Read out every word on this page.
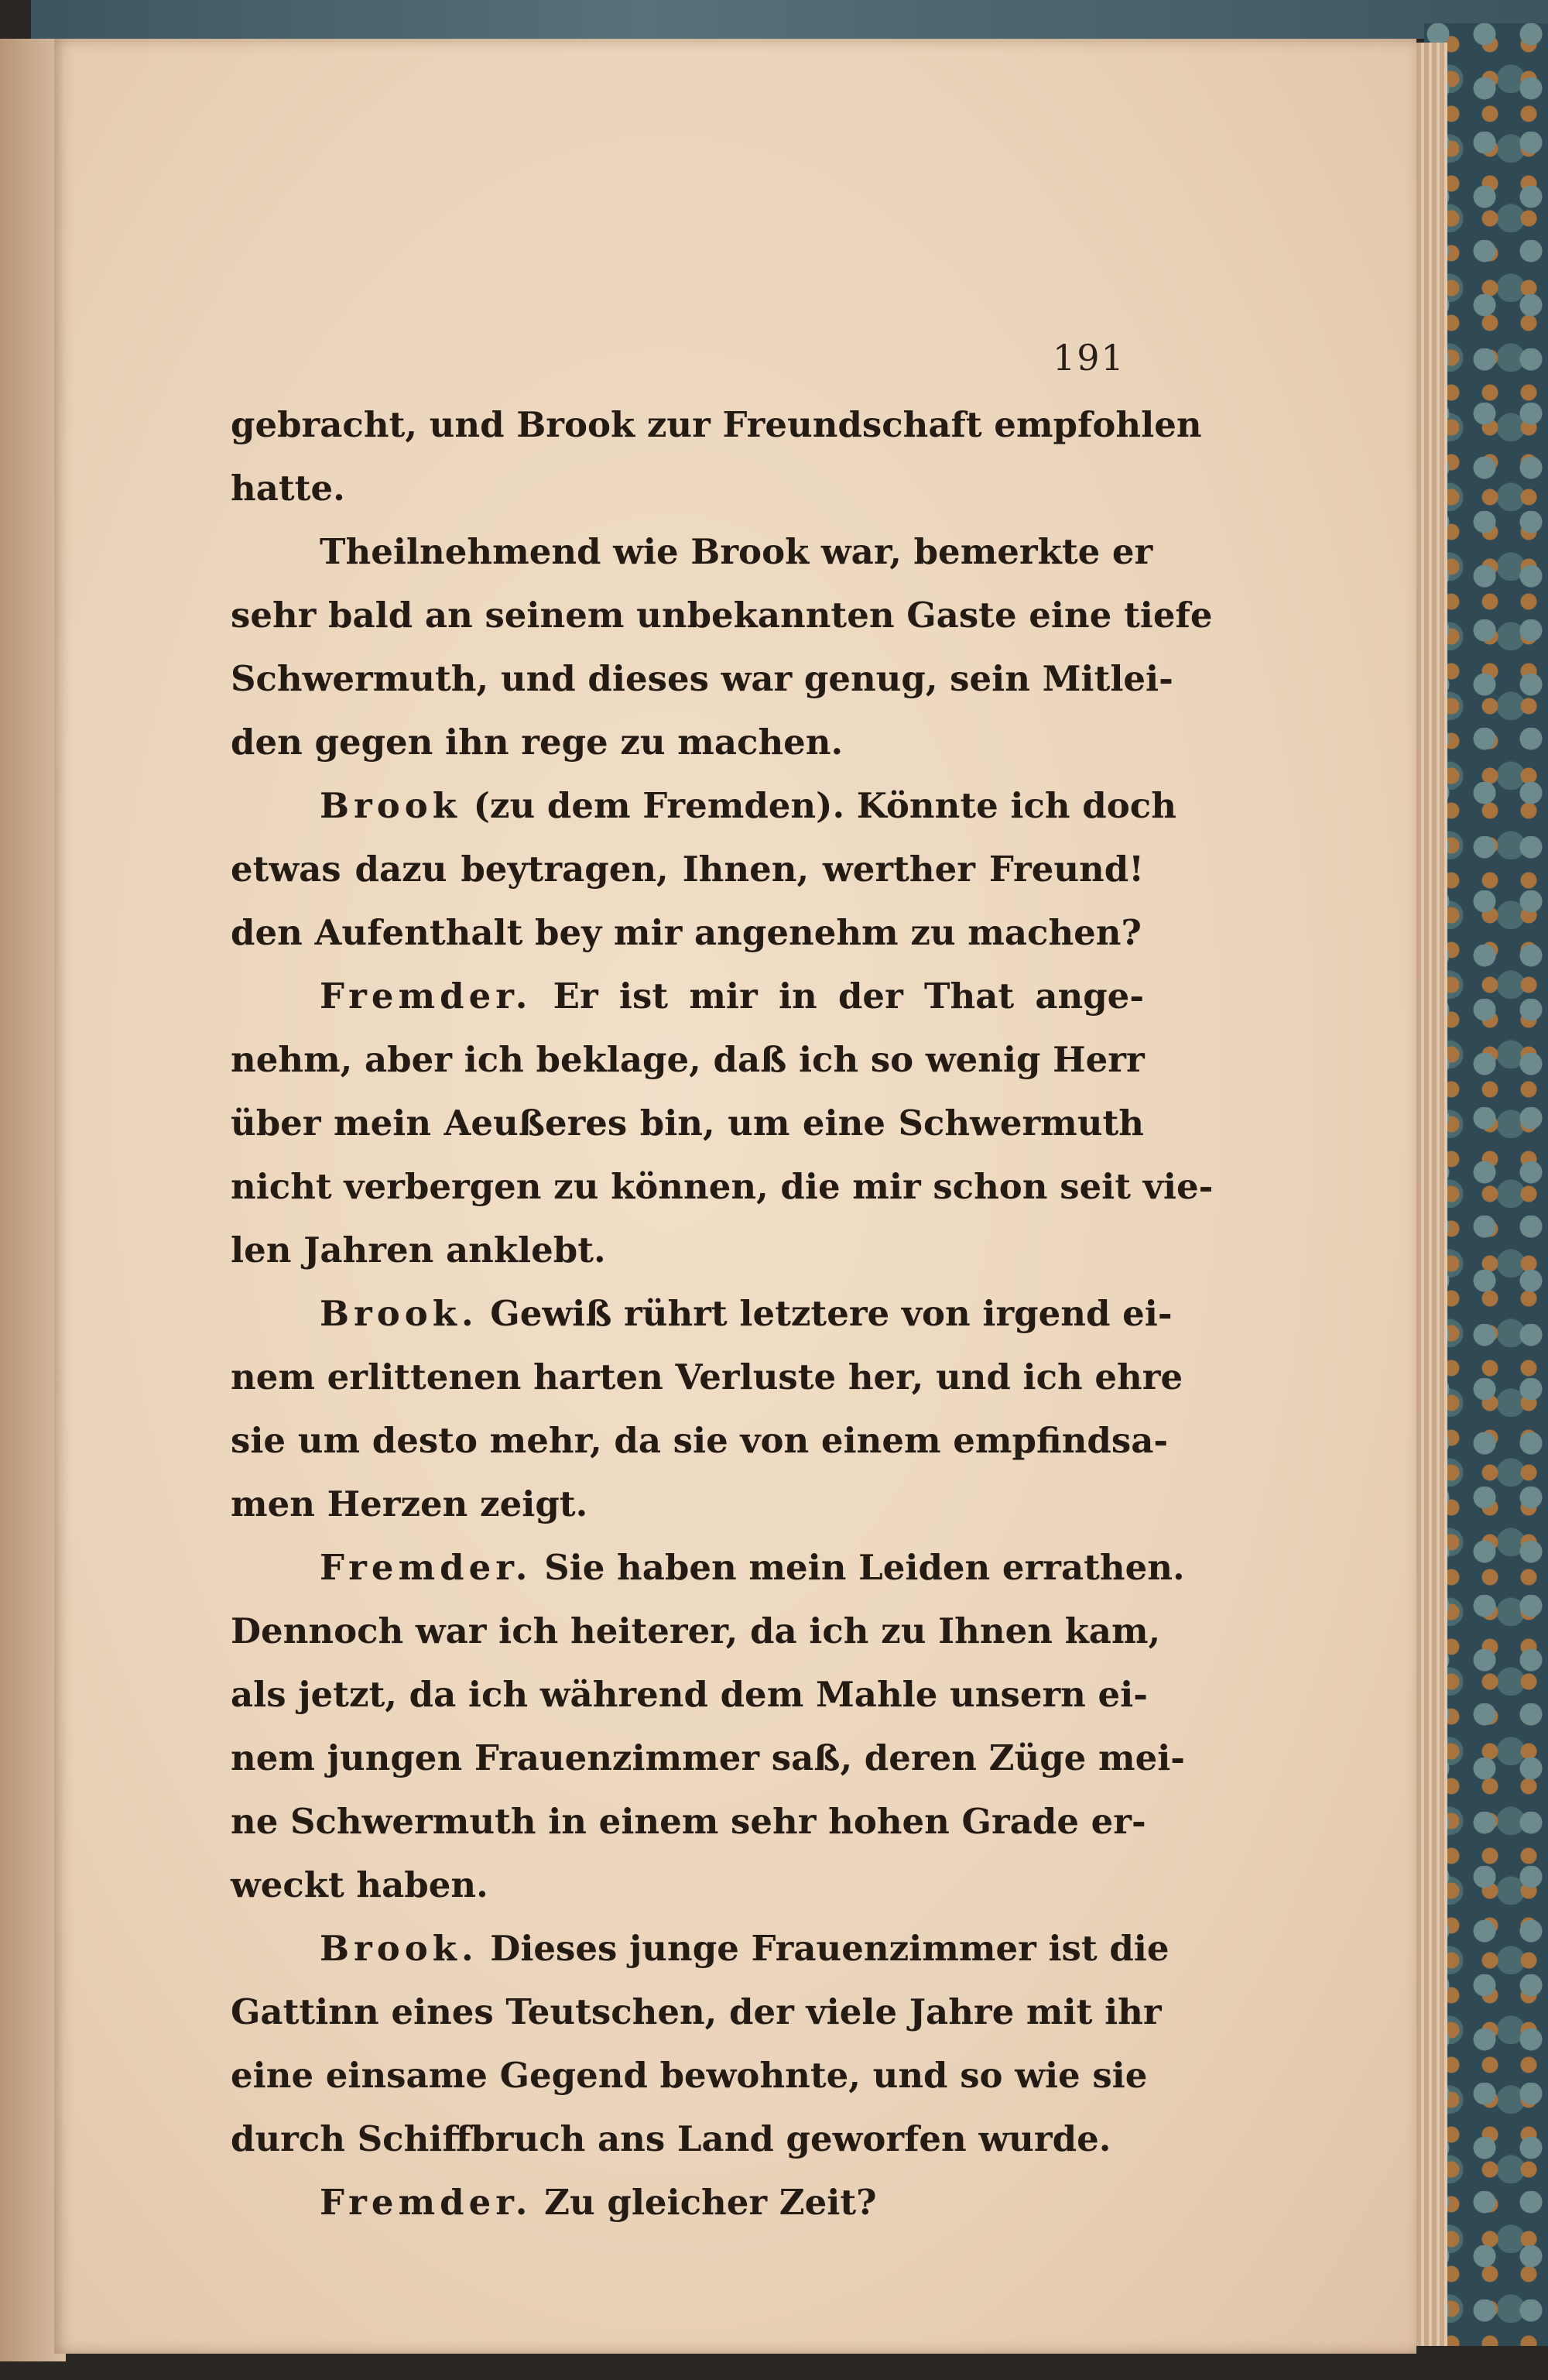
191
gebracht, und Brook zur Freundschaft empfohlen
hatte.
Theilnehmend wie Brook war, bemerkte er
sehr bald an seinem unbekannten Gaste eine tiefe
Schwermuth, und dieses war genug, sein Mitlei-
den gegen ihn rege zu machen.
Brook (zu dem Fremden). Könnte ich doch
etwas dazu beytragen, Ihnen, werther Freund!
den Aufenthalt bey mir angenehm zu machen?
Fremder. Er ist mir in der That ange-
nehm, aber ich beklage, daß ich so wenig Herr
über mein Aeußeres bin, um eine Schwermuth
nicht verbergen zu können, die mir schon seit vie-
len Jahren anklebt.
Brook. Gewiß rührt letztere von irgend ei-
nem erlittenen harten Verluste her, und ich ehre
sie um desto mehr, da sie von einem empfindsa-
men Herzen zeigt.
Fremder. Sie haben mein Leiden errathen.
Dennoch war ich heiterer, da ich zu Ihnen kam,
als jetzt, da ich während dem Mahle unsern ei-
nem jungen Frauenzimmer saß, deren Züge mei-
ne Schwermuth in einem sehr hohen Grade er-
weckt haben.
Brook. Dieses junge Frauenzimmer ist die
Gattinn eines Teutschen, der viele Jahre mit ihr
eine einsame Gegend bewohnte, und so wie sie
durch Schiffbruch ans Land geworfen wurde.
Fremder. Zu gleicher Zeit?
